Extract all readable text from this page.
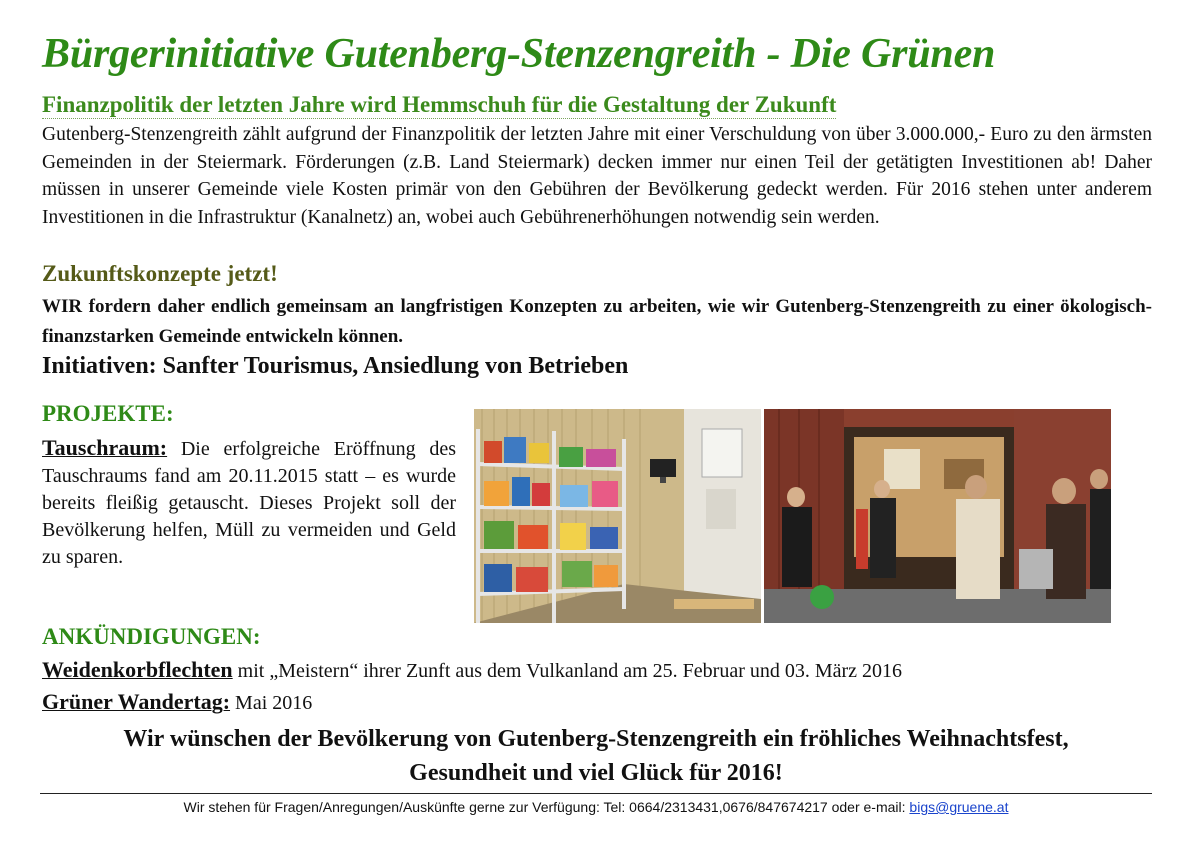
Bürgerinitiative Gutenberg-Stenzengreith - Die Grünen
Finanzpolitik der letzten Jahre wird Hemmschuh für die Gestaltung der Zukunft
Gutenberg-Stenzengreith zählt aufgrund der Finanzpolitik der letzten Jahre mit einer Verschuldung von über 3.000.000,- Euro zu den ärmsten Gemeinden in der Steiermark. Förderungen (z.B. Land Steiermark) decken immer nur einen Teil der getätigten Investitionen ab! Daher müssen in unserer Gemeinde viele Kosten primär von den Gebühren der Bevölkerung gedeckt werden. Für 2016 stehen unter anderem Investitionen in die Infrastruktur (Kanalnetz) an, wobei auch Gebührenerhöhungen notwendig sein werden.
Zukunftskonzepte jetzt!
WIR fordern daher endlich gemeinsam an langfristigen Konzepten zu arbeiten, wie wir Gutenberg-Stenzengreith zu einer ökologisch-finanzstarken Gemeinde entwickeln können.
Initiativen: Sanfter Tourismus, Ansiedlung von Betrieben
PROJEKTE:
Tauschraum: Die erfolgreiche Eröffnung des Tauschraums fand am 20.11.2015 statt – es wurde bereits fleißig getauscht. Dieses Projekt soll der Bevölkerung helfen, Müll zu vermeiden und Geld zu sparen.
ANKÜNDIGUNGEN:
Weidenkorbflechten mit „Meistern“ ihrer Zunft aus dem Vulkanland am 25. Februar und 03. März 2016
Grüner Wandertag: Mai 2016
Wir wünschen der Bevölkerung von Gutenberg-Stenzengreith ein fröhliches Weihnachtsfest,
Gesundheit und viel Glück für 2016!
Wir stehen für Fragen/Anregungen/Auskünfte gerne zur Verfügung: Tel: 0664/2313431,0676/847674217 oder e-mail: bigs@gruene.at
